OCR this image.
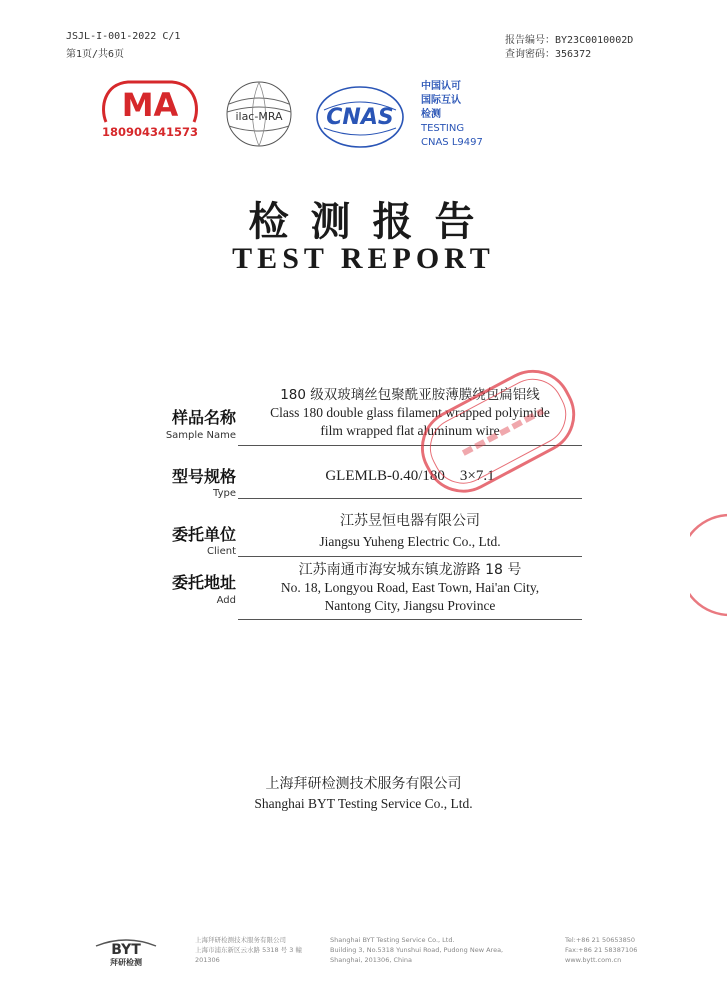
JSJL-I-001-2022 C/1
第1页/共6页
报告编号：BY23C0010002D
查询密码：356372
MA
180904341573
ilac-MRA CNAS
中国认可
国际互认
检测
TESTING
CNAS L9497
检测报告
TEST REPORT
样品名称
Sample Name
180 级双玻璃丝包聚酰亚胺薄膜绕包扁铝线
Class 180 double glass filament wrapped polyimide
film wrapped flat aluminum wire
型号规格
Type
GLEMLB-0.40/180    3×7.1
委托单位
Client
江苏昱恒电器有限公司
Jiangsu Yuheng Electric Co., Ltd.
委托地址
Add
江苏南通市海安城东镇龙游路 18 号
No. 18, Longyou Road, East Town, Hai'an City,
Nantong City, Jiangsu Province
上海拜研检测技术服务有限公司
Shanghai BYT Testing Service Co., Ltd.
BYT
拜研检测
上海拜研检测技术服务有限公司
上海市浦东新区云水路 5318 号 3 幢
201306
Shanghai BYT Testing Service Co., Ltd.
Building 3, No.5318 Yunshui Road, Pudong New Area,
Shanghai, 201306, China
Tel:+86 21 50653850
Fax:+86 21 58387106
www.bytt.com.cn
